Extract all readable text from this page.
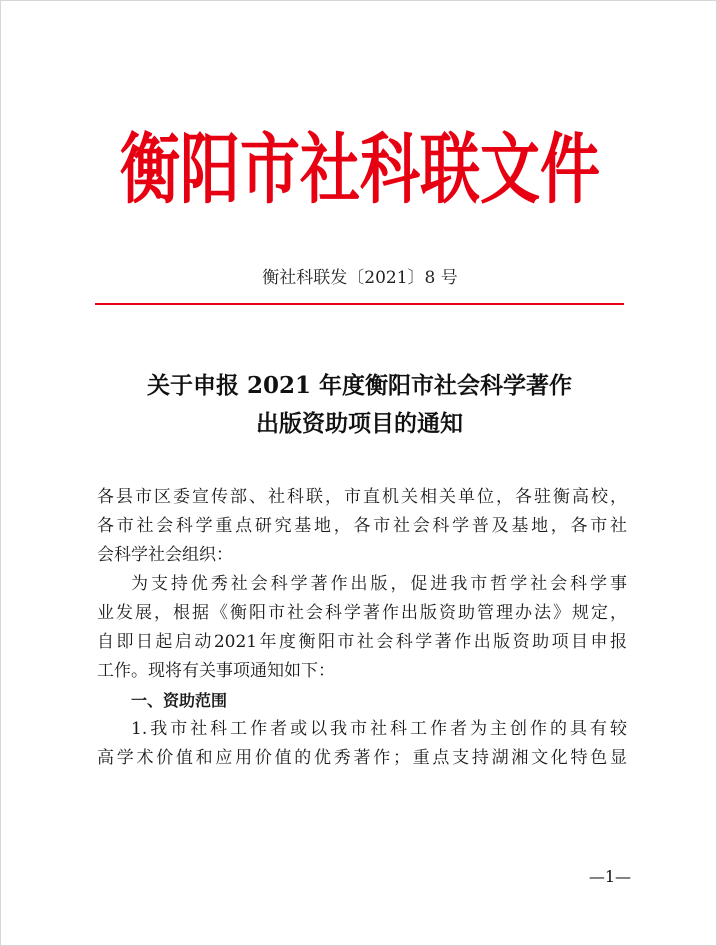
衡阳市社科联文件
衡社科联发〔2021〕8 号
关于申报 2021 年度衡阳市社会科学著作
出版资助项目的通知
各县市区委宣传部、社科联，市直机关相关单位，各驻衡高校，
各市社会科学重点研究基地，各市社会科学普及基地，各市社
会科学社会组织：
为支持优秀社会科学著作出版，促进我市哲学社会科学事
业发展，根据《衡阳市社会科学著作出版资助管理办法》规定，
自即日起启动2021年度衡阳市社会科学著作出版资助项目申报
工作。现将有关事项通知如下：
一、资助范围
1.我市社科工作者或以我市社科工作者为主创作的具有较
高学术价值和应用价值的优秀著作；重点支持湖湘文化特色显
—1—
